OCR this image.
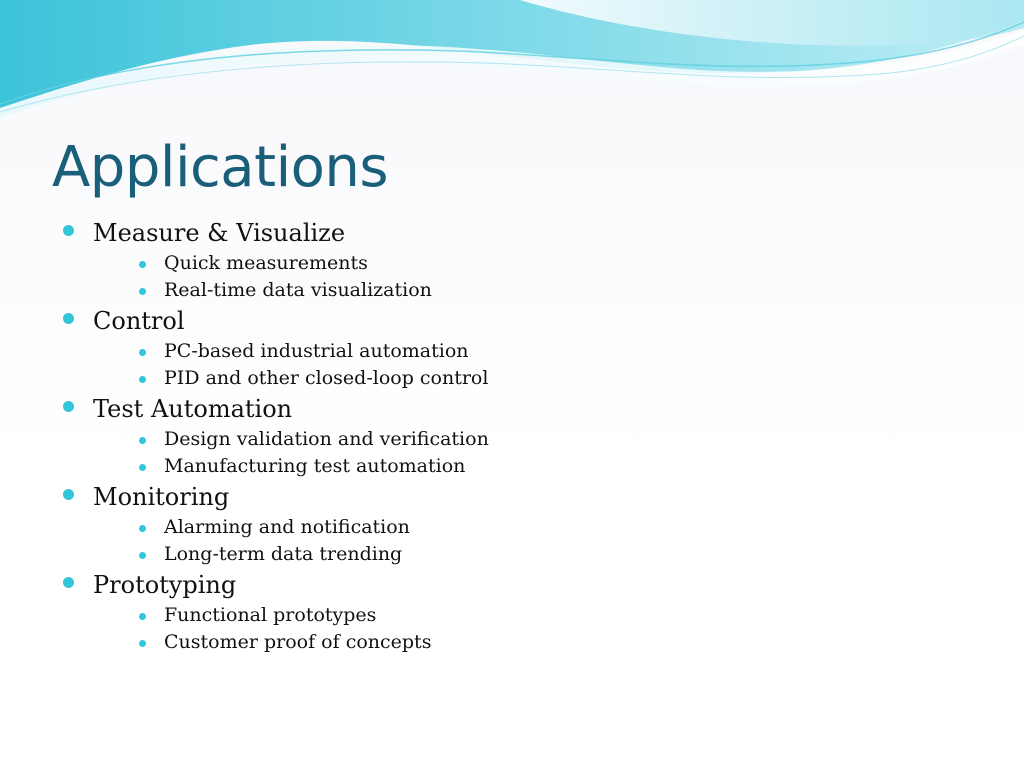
Applications
Measure & Visualize
Quick measurements
Real-time data visualization
Control
PC-based industrial automation
PID and other closed-loop control
Test Automation
Design validation and verification
Manufacturing test automation
Monitoring
Alarming and notification
Long-term data trending
Prototyping
Functional prototypes
Customer proof of concepts
